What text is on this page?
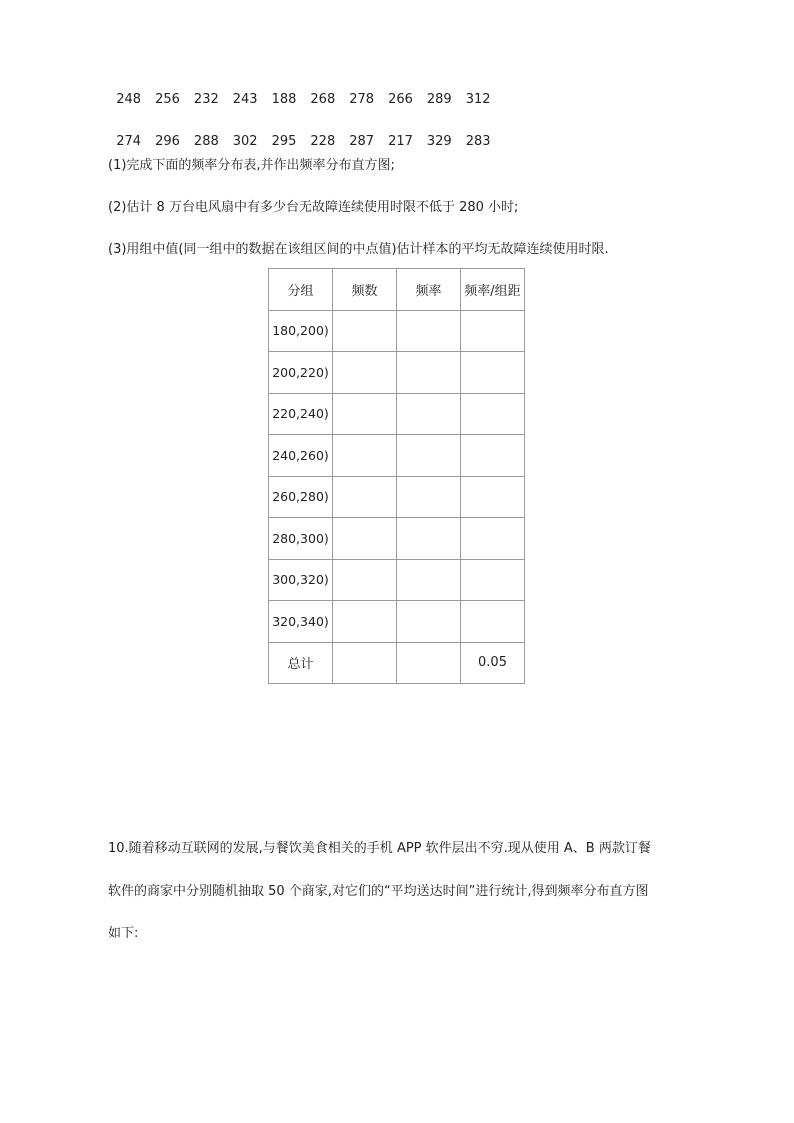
248 256 232 243 188 268 278 266 289 312

274 296 288 302 295 228 287 217 329 283

(1)完成下面的频率分布表,并作出频率分布直方图;
(2)估计 8 万台电风扇中有多少台无故障连续使用时限不低于 280 小时;
(3)用组中值(同一组中的数据在该组区间的中点值)估计样本的平均无故障连续使用时限.
分组	频数	频率	频率/组距
180,200)			
200,220)			
220,240)			
240,260)			
260,280)			
280,300)			
300,320)			
320,340)			
总计			0.05
10.随着移动互联网的发展,与餐饮美食相关的手机 APP 软件层出不穷.现从使用 A、B 两款订餐
软件的商家中分别随机抽取 50 个商家,对它们的“平均送达时间”进行统计,得到频率分布直方图
如下:
